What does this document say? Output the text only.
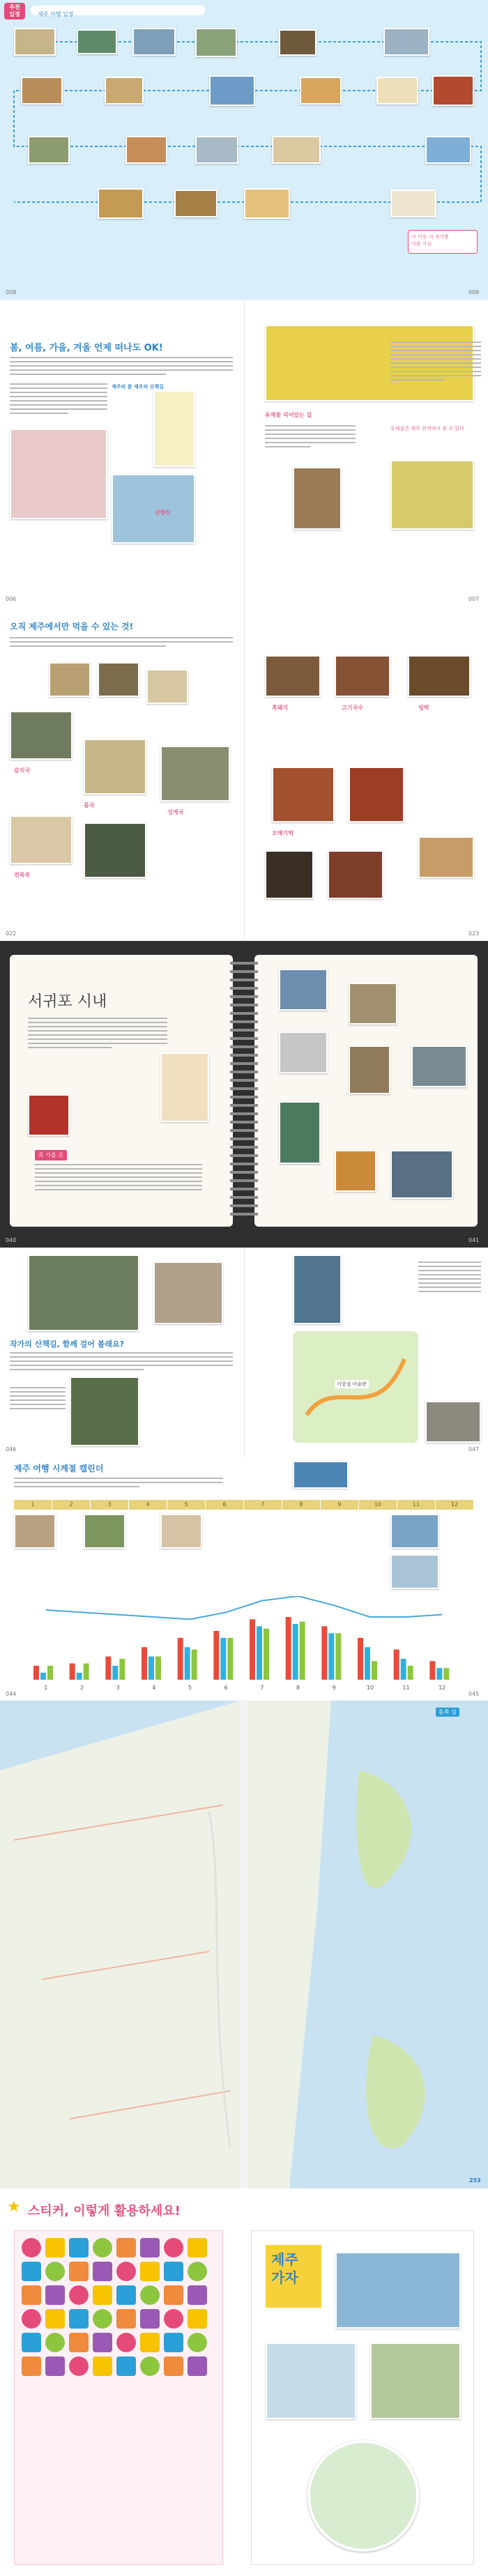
추천
일정	제주 여행 일정
이 이동 시 자가용
이용 가능
008	009
봄, 여름, 가을, 겨울 언제 떠나도 OK!
제주의 봄 제주의 산책길
산방산
유채꽃 피어있는 길
유채꽃은 제주 전역에서 볼 수 있다
006	007
오직 제주에서만 먹을 수 있는 것!
갈치국
몸국
성게국
전복죽
흑돼지	고기국수	빙떡
오메기떡
022	023
서귀포 시내
꼭 가볼 곳
040	041
작가의 산책길, 함께 걸어 볼래요?
이중섭 미술관
046	047
제주 여행 시계절 캘린더
1	2	3	4	5	6	7	8	9	10	11	12
1	2	3	4	5	6	7	8	9	10	11	12
044	045
동쪽 섬
253
★ 스티커, 이렇게 활용하세요!
제주
가자
